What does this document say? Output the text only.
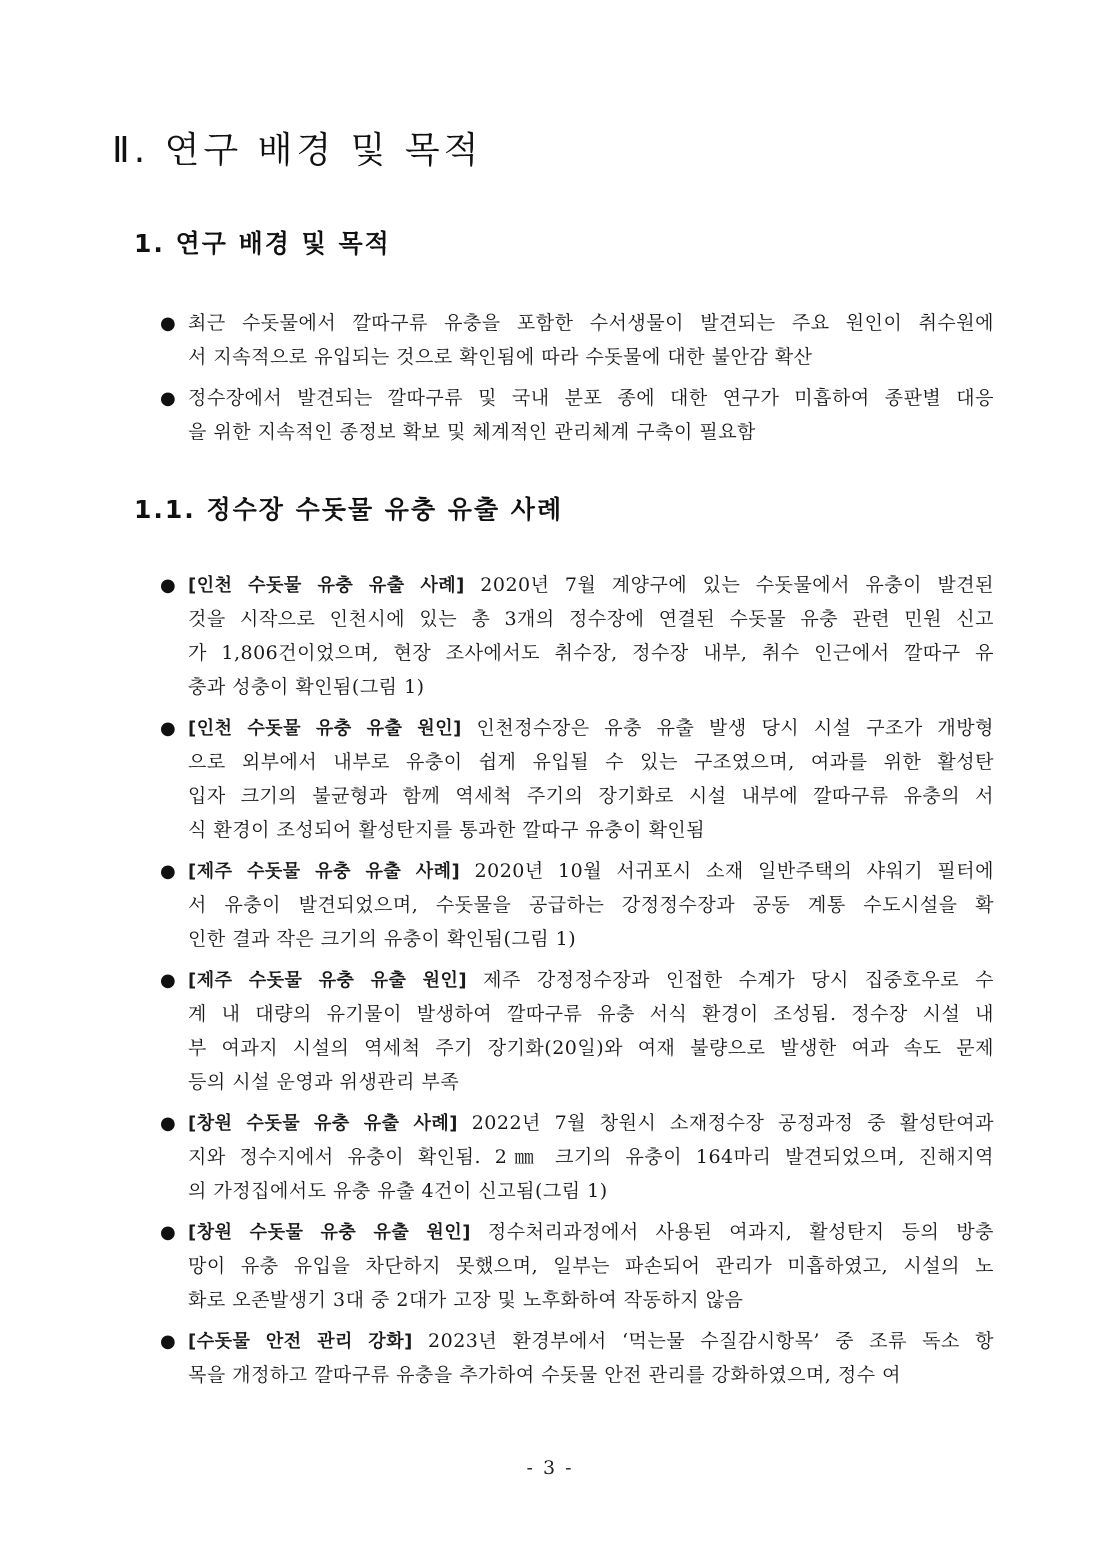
Ⅱ. 연구 배경 및 목적
1. 연구 배경 및 목적
● 최근 수돗물에서 깔따구류 유충을 포함한 수서생물이 발견되는 주요 원인이 취수원에
서 지속적으로 유입되는 것으로 확인됨에 따라 수돗물에 대한 불안감 확산
● 정수장에서 발견되는 깔따구류 및 국내 분포 종에 대한 연구가 미흡하여 종판별 대응
을 위한 지속적인 종정보 확보 및 체계적인 관리체계 구축이 필요함
1.1. 정수장 수돗물 유충 유출 사례
● [인천 수돗물 유충 유출 사례] 2020년 7월 계양구에 있는 수돗물에서 유충이 발견된
것을 시작으로 인천시에 있는 총 3개의 정수장에 연결된 수돗물 유충 관련 민원 신고
가 1,806건이었으며, 현장 조사에서도 취수장, 정수장 내부, 취수 인근에서 깔따구 유
충과 성충이 확인됨(그림 1)
● [인천 수돗물 유충 유출 원인] 인천정수장은 유충 유출 발생 당시 시설 구조가 개방형
으로 외부에서 내부로 유충이 쉽게 유입될 수 있는 구조였으며, 여과를 위한 활성탄
입자 크기의 불균형과 함께 역세척 주기의 장기화로 시설 내부에 깔따구류 유충의 서
식 환경이 조성되어 활성탄지를 통과한 깔따구 유충이 확인됨
● [제주 수돗물 유충 유출 사례] 2020년 10월 서귀포시 소재 일반주택의 샤워기 필터에
서 유충이 발견되었으며, 수돗물을 공급하는 강정정수장과 공동 계통 수도시설을 확
인한 결과 작은 크기의 유충이 확인됨(그림 1)
● [제주 수돗물 유충 유출 원인] 제주 강정정수장과 인접한 수계가 당시 집중호우로 수
계 내 대량의 유기물이 발생하여 깔따구류 유충 서식 환경이 조성됨. 정수장 시설 내
부 여과지 시설의 역세척 주기 장기화(20일)와 여재 불량으로 발생한 여과 속도 문제
등의 시설 운영과 위생관리 부족
● [창원 수돗물 유충 유출 사례] 2022년 7월 창원시 소재정수장 공정과정 중 활성탄여과
지와 정수지에서 유충이 확인됨. 2㎜ 크기의 유충이 164마리 발견되었으며, 진해지역
의 가정집에서도 유충 유출 4건이 신고됨(그림 1)
● [창원 수돗물 유충 유출 원인] 정수처리과정에서 사용된 여과지, 활성탄지 등의 방충
망이 유충 유입을 차단하지 못했으며, 일부는 파손되어 관리가 미흡하였고, 시설의 노
화로 오존발생기 3대 중 2대가 고장 및 노후화하여 작동하지 않음
● [수돗물 안전 관리 강화] 2023년 환경부에서 ‘먹는물 수질감시항목’ 중 조류 독소 항
목을 개정하고 깔따구류 유충을 추가하여 수돗물 안전 관리를 강화하였으며, 정수 여
- 3 -
